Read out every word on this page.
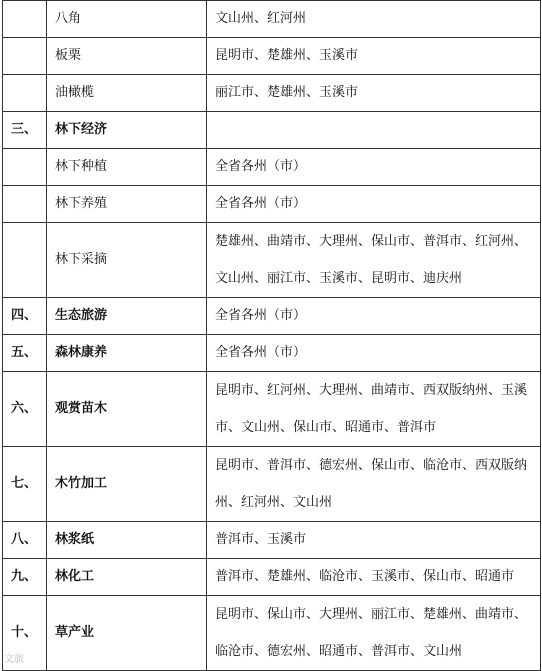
	八角	文山州、红河州
	板栗	昆明市、楚雄州、玉溪市
	油橄榄	丽江市、楚雄州、玉溪市
三、	林下经济	
	林下种植	全省各州（市）
	林下养殖	全省各州（市）
	林下采摘	楚雄州、曲靖市、大理州、保山市、普洱市、红河州、文山州、丽江市、玉溪市、昆明市、迪庆州
四、	生态旅游	全省各州（市）
五、	森林康养	全省各州（市）
六、	观赏苗木	昆明市、红河州、大理州、曲靖市、西双版纳州、玉溪市、文山州、保山市、昭通市、普洱市
七、	木竹加工	昆明市、普洱市、德宏州、保山市、临沧市、西双版纳州、红河州、文山州
八、	林浆纸	普洱市、玉溪市
九、	林化工	普洱市、楚雄州、临沧市、玉溪市、保山市、昭通市
十、	草产业	昆明市、保山市、大理州、丽江市、楚雄州、曲靖市、临沧市、德宏州、昭通市、普洱市、文山州
文旅
